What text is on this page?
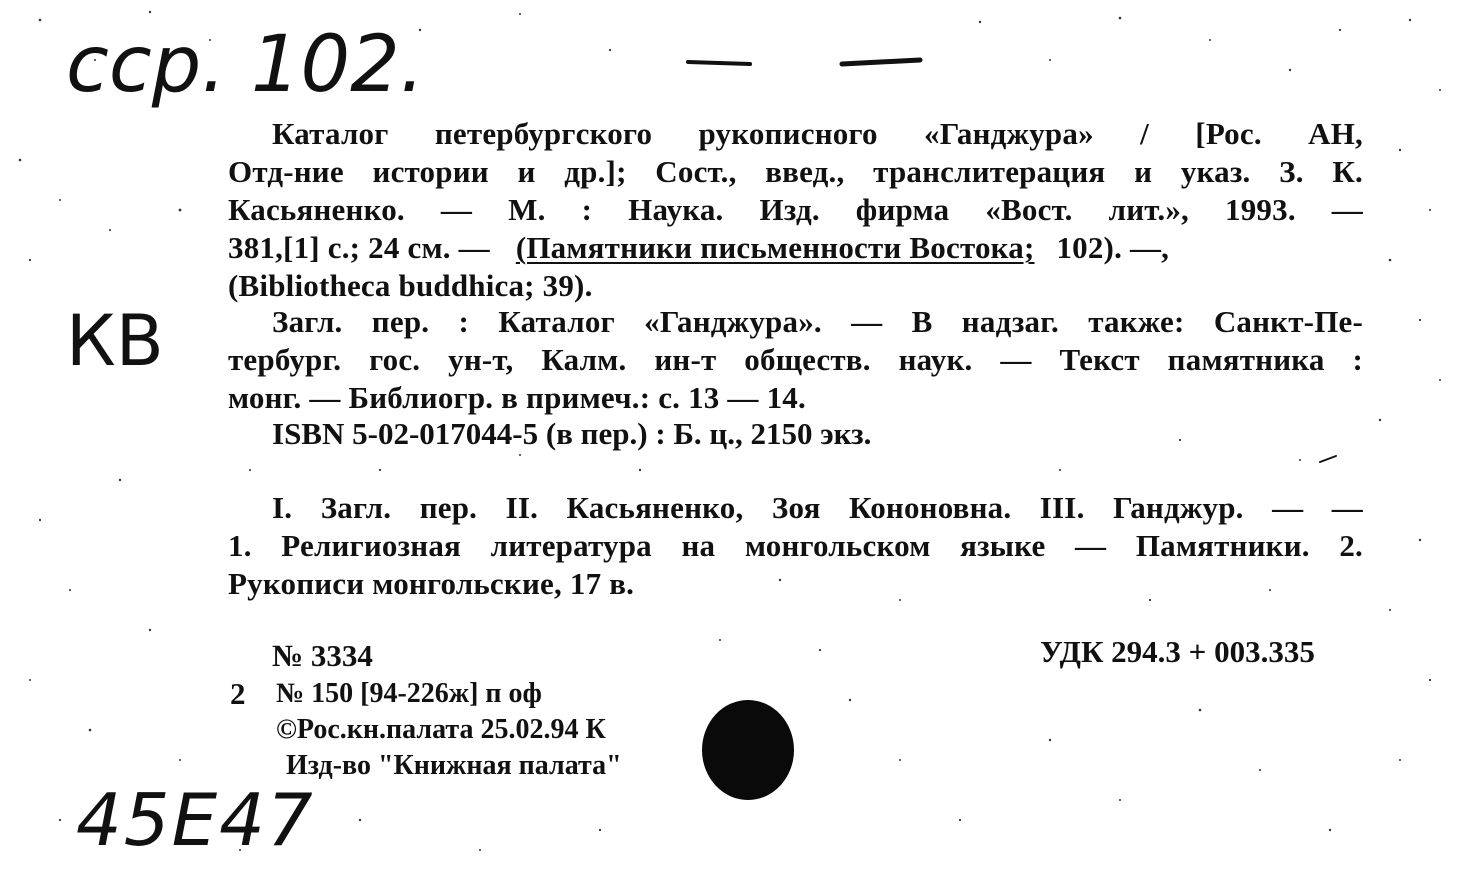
сср. 102.
КВ
45E47
Каталог петербургского рукописного «Ганджура» / [Рос. АН,
Отд-ние истории и др.]; Сост., введ., транслитерация и указ. З. К.
Касьяненко. — М. : Наука. Изд. фирма «Вост. лит.», 1993. —
381,[1] с.; 24 см. — (Памятники письменности Востока; 102). —,
(Bibliotheca buddhica; 39).
Загл. пер. : Каталог «Ганджура». — В надзаг. также: Санкт-Пе-
тербург. гос. ун-т, Калм. ин-т обществ. наук. — Текст памятника :
монг. — Библиогр. в примеч.: с. 13 — 14.
ISBN 5-02-017044-5 (в пер.) : Б. ц., 2150 экз.
I. Загл. пер. II. Касьяненко, Зоя Кононовна. III. Ганджур. — —
1. Религиозная литература на монгольском языке — Памятники. 2.
Рукописи монгольские, 17 в.
№ 3334	УДК 294.3 + 003.335
2 № 150 [94-226ж] п оф
©Рос.кн.палата 25.02.94 К
Изд-во "Книжная палата"
